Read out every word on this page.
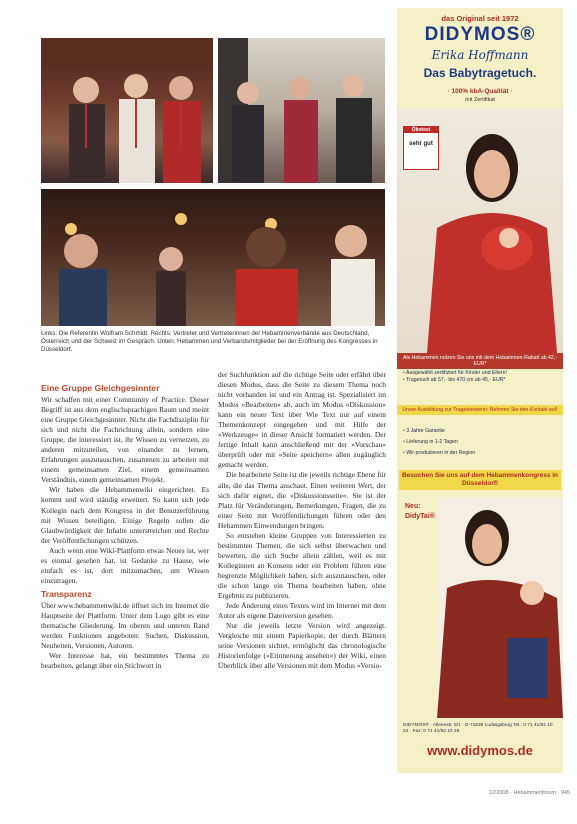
Links: Die Referentin Wolfram Schmidt. Rechts: Vertreter und Vertreterinnen der Hebammenverbände aus Deutschland, Österreich und der Schweiz im Gespräch. Unten: Hebammen und Verbandsmitglieder bei der Eröffnung des Kongresses in Düsseldorf.
Eine Gruppe Gleichgesinnter

Wir schaffen mit einer Community of Practice. Dieser Begriff ist aus dem englischsprachigen Raum und meint eine Gruppe Gleichgesinnter. Nicht die Fachdisziplin für sich und nicht die Fachrichtung allein, sondern eine Gruppe, die interessiert ist, ihr Wissen zu vernetzen, zu anderen mitzuteilen, von einander zu lernen, Erfahrungen auszutauschen, zusammen zu arbeiten mit einem gemeinsamen Ziel, einem gemeinsamen Verständnis, einem gemeinsamen Projekt.

Wir haben die Hebammenwiki eingerichtet. Es kommt und wird ständig erweitert. So kann sich jede Kollegin nach dem Kongress in der Benutzerführung mit Wissen beteiligen. Einige Regeln sollen die Glaubwürdigkeit der Inhalte unterstreichen und Rechte der Veröffentlichungen schützen.

Auch wenn eine Wiki-Plattform etwas Neues ist, wer es einmal gesehen hat, ist Gedanke zu Hause, wie einfach es ist, dort mitzumachen, um Wissen einzutragen.

Transparenz

Über www.hebammenwiki.de öffnet sich im Internet die Hauptseite der Plattform. Unter dem Logo gibt es eine thematische Gliederung. Im oberen und unteren Rand werden Funktionen angeboten: Suchen, Diskussion, Neuheiten, Versionen, Autoren.

Wer Interesse hat, ein bestimmtes Thema zu bearbeiten, gelangt über ein Stichwort in

der Suchfunktion auf die richtige Seite oder erfährt über diesen Modus, dass die Seite zu diesem Thema noch nicht vorhanden ist und ein Antrag ist. Spezialisiert im Modus »Bearbeiten« ab, auch im Modus »Diskussion« kann ein neuer Text über Wie Text nur auf einem Themenkonzept eingegeben und mit Hilfe der »Werkzeuge« in dieser Ansicht formatiert werden. Der fertige Inhalt kann anschließend mit der »Vorschau« überprüft oder mit »Seite speichern« allen zugänglich gemacht werden.

Die bearbeitete Seite ist die jeweils richtige Ebene für alle, die das Thema anschaut. Einen weiteren Wert, der sich dafür eignet, die »Diskussionsseite«. Sie ist der Platz für Veränderungen, Bemerkungen, Fragen, die zu einer Seite mit Veröffentlichungen führen oder den Hebammen Einwendungen bringen.

So entstehen kleine Gruppen von Interessierten zu bestimmten Themen, die sich selbst überwachen und bewerten, die sich Suche allein zählen, weil es mit Kolleginnen an Konsens oder ein Problem führen eine begrenzte Möglichkeit haben, sich auszutauschen, oder die schon lange ein Thema bearbeiten haben, ohne Ergebnis zu publizieren.

Jede Änderung eines Textes wird im Internet mit dem Autor als eigene Dateiversion gesehen.

Nur die jeweils letzte Version wird angezeigt. Vergleiche mit einem Papierkopie, der durch Blättern seine Versionen sichtet, ermöglicht das chronologische Historienfolge (»Erinnerung ansehen«) der Wiki, einen Überblick über alle Versionen mit dem Modus »Versio-

das Original seit 1972
DIDYMOS®
Erika Hoffmann
Das Babytragetuch.
· 100% kbA-Qualität ·
mit Zertifikat
Ökotest
sehr gut
Als Hebammen nutzen Sie uns mit dem Hebammen-Rabatt ab 42,- EUR*
• Ausgewählt zertifiziert für Kinder und Eltern!
• Tragetuch ab 57,- bis 470 cm ab 45,- EUR*
Unser Ausbildung zur Trageberaterin: Nehmen Sie den Kontakt auf!
• 3 Jahre Garantie
• Lieferung in 1-2 Tagen
• Wir produzieren in der Region
Besuchen Sie uns auf dem Hebammenkongress in Düsseldorf!
Neu:
DidyTai®
DIDYMOS® · Alleenstr. 8/1 · D-71638 Ludwigsburg Tel.: 0 71 41/92 10 24 · Fax: 0 71 41/92 10 26
www.didymos.de
12/2008 · Hebammenforum · 945
